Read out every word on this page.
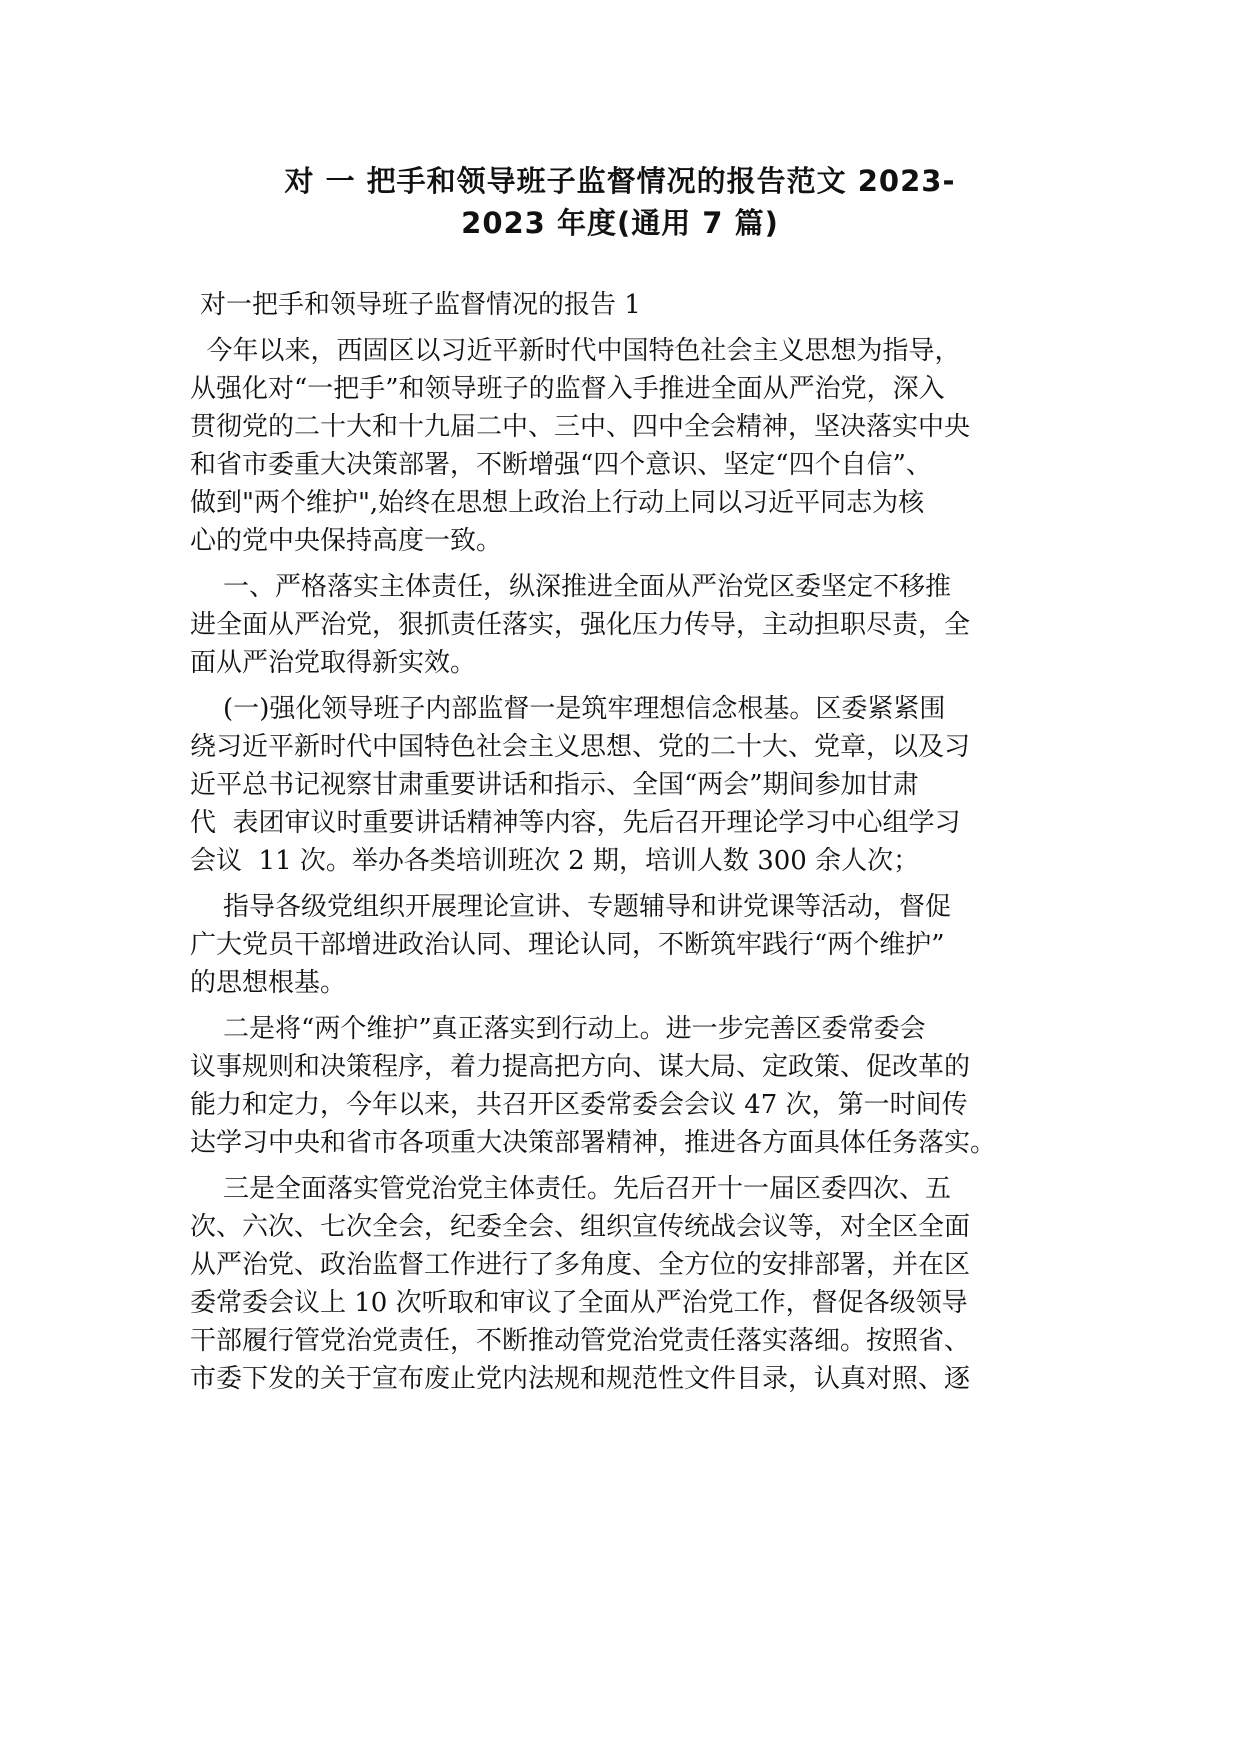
对 一 把手和领导班子监督情况的报告范文 2023-
2023 年度(通用 7 篇)
对一把手和领导班子监督情况的报告 1
今年以来，西固区以习近平新时代中国特色社会主义思想为指导，
从强化对“一把手”和领导班子的监督入手推进全面从严治党，深入
贯彻党的二十大和十九届二中、三中、四中全会精神，坚决落实中央
和省市委重大决策部署，不断增强“四个意识、坚定“四个自信”、
做到"两个维护",始终在思想上政治上行动上同以习近平同志为核
心的党中央保持高度一致。
一、严格落实主体责任，纵深推进全面从严治党区委坚定不移推
进全面从严治党，狠抓责任落实，强化压力传导，主动担职尽责，全
面从严治党取得新实效。
(一)强化领导班子内部监督一是筑牢理想信念根基。区委紧紧围
绕习近平新时代中国特色社会主义思想、党的二十大、党章，以及习
近平总书记视察甘肃重要讲话和指示、全国“两会”期间参加甘肃
代  表团审议时重要讲话精神等内容，先后召开理论学习中心组学习
会议  11 次。举办各类培训班次 2 期，培训人数 300 余人次；
指导各级党组织开展理论宣讲、专题辅导和讲党课等活动，督促
广大党员干部增进政治认同、理论认同，不断筑牢践行“两个维护”
的思想根基。
二是将“两个维护”真正落实到行动上。进一步完善区委常委会
议事规则和决策程序，着力提高把方向、谋大局、定政策、促改革的
能力和定力，今年以来，共召开区委常委会会议 47 次，第一时间传
达学习中央和省市各项重大决策部署精神，推进各方面具体任务落实。
三是全面落实管党治党主体责任。先后召开十一届区委四次、五
次、六次、七次全会，纪委全会、组织宣传统战会议等，对全区全面
从严治党、政治监督工作进行了多角度、全方位的安排部署，并在区
委常委会议上 10 次听取和审议了全面从严治党工作，督促各级领导
干部履行管党治党责任，不断推动管党治党责任落实落细。按照省、
市委下发的关于宣布废止党内法规和规范性文件目录，认真对照、逐
